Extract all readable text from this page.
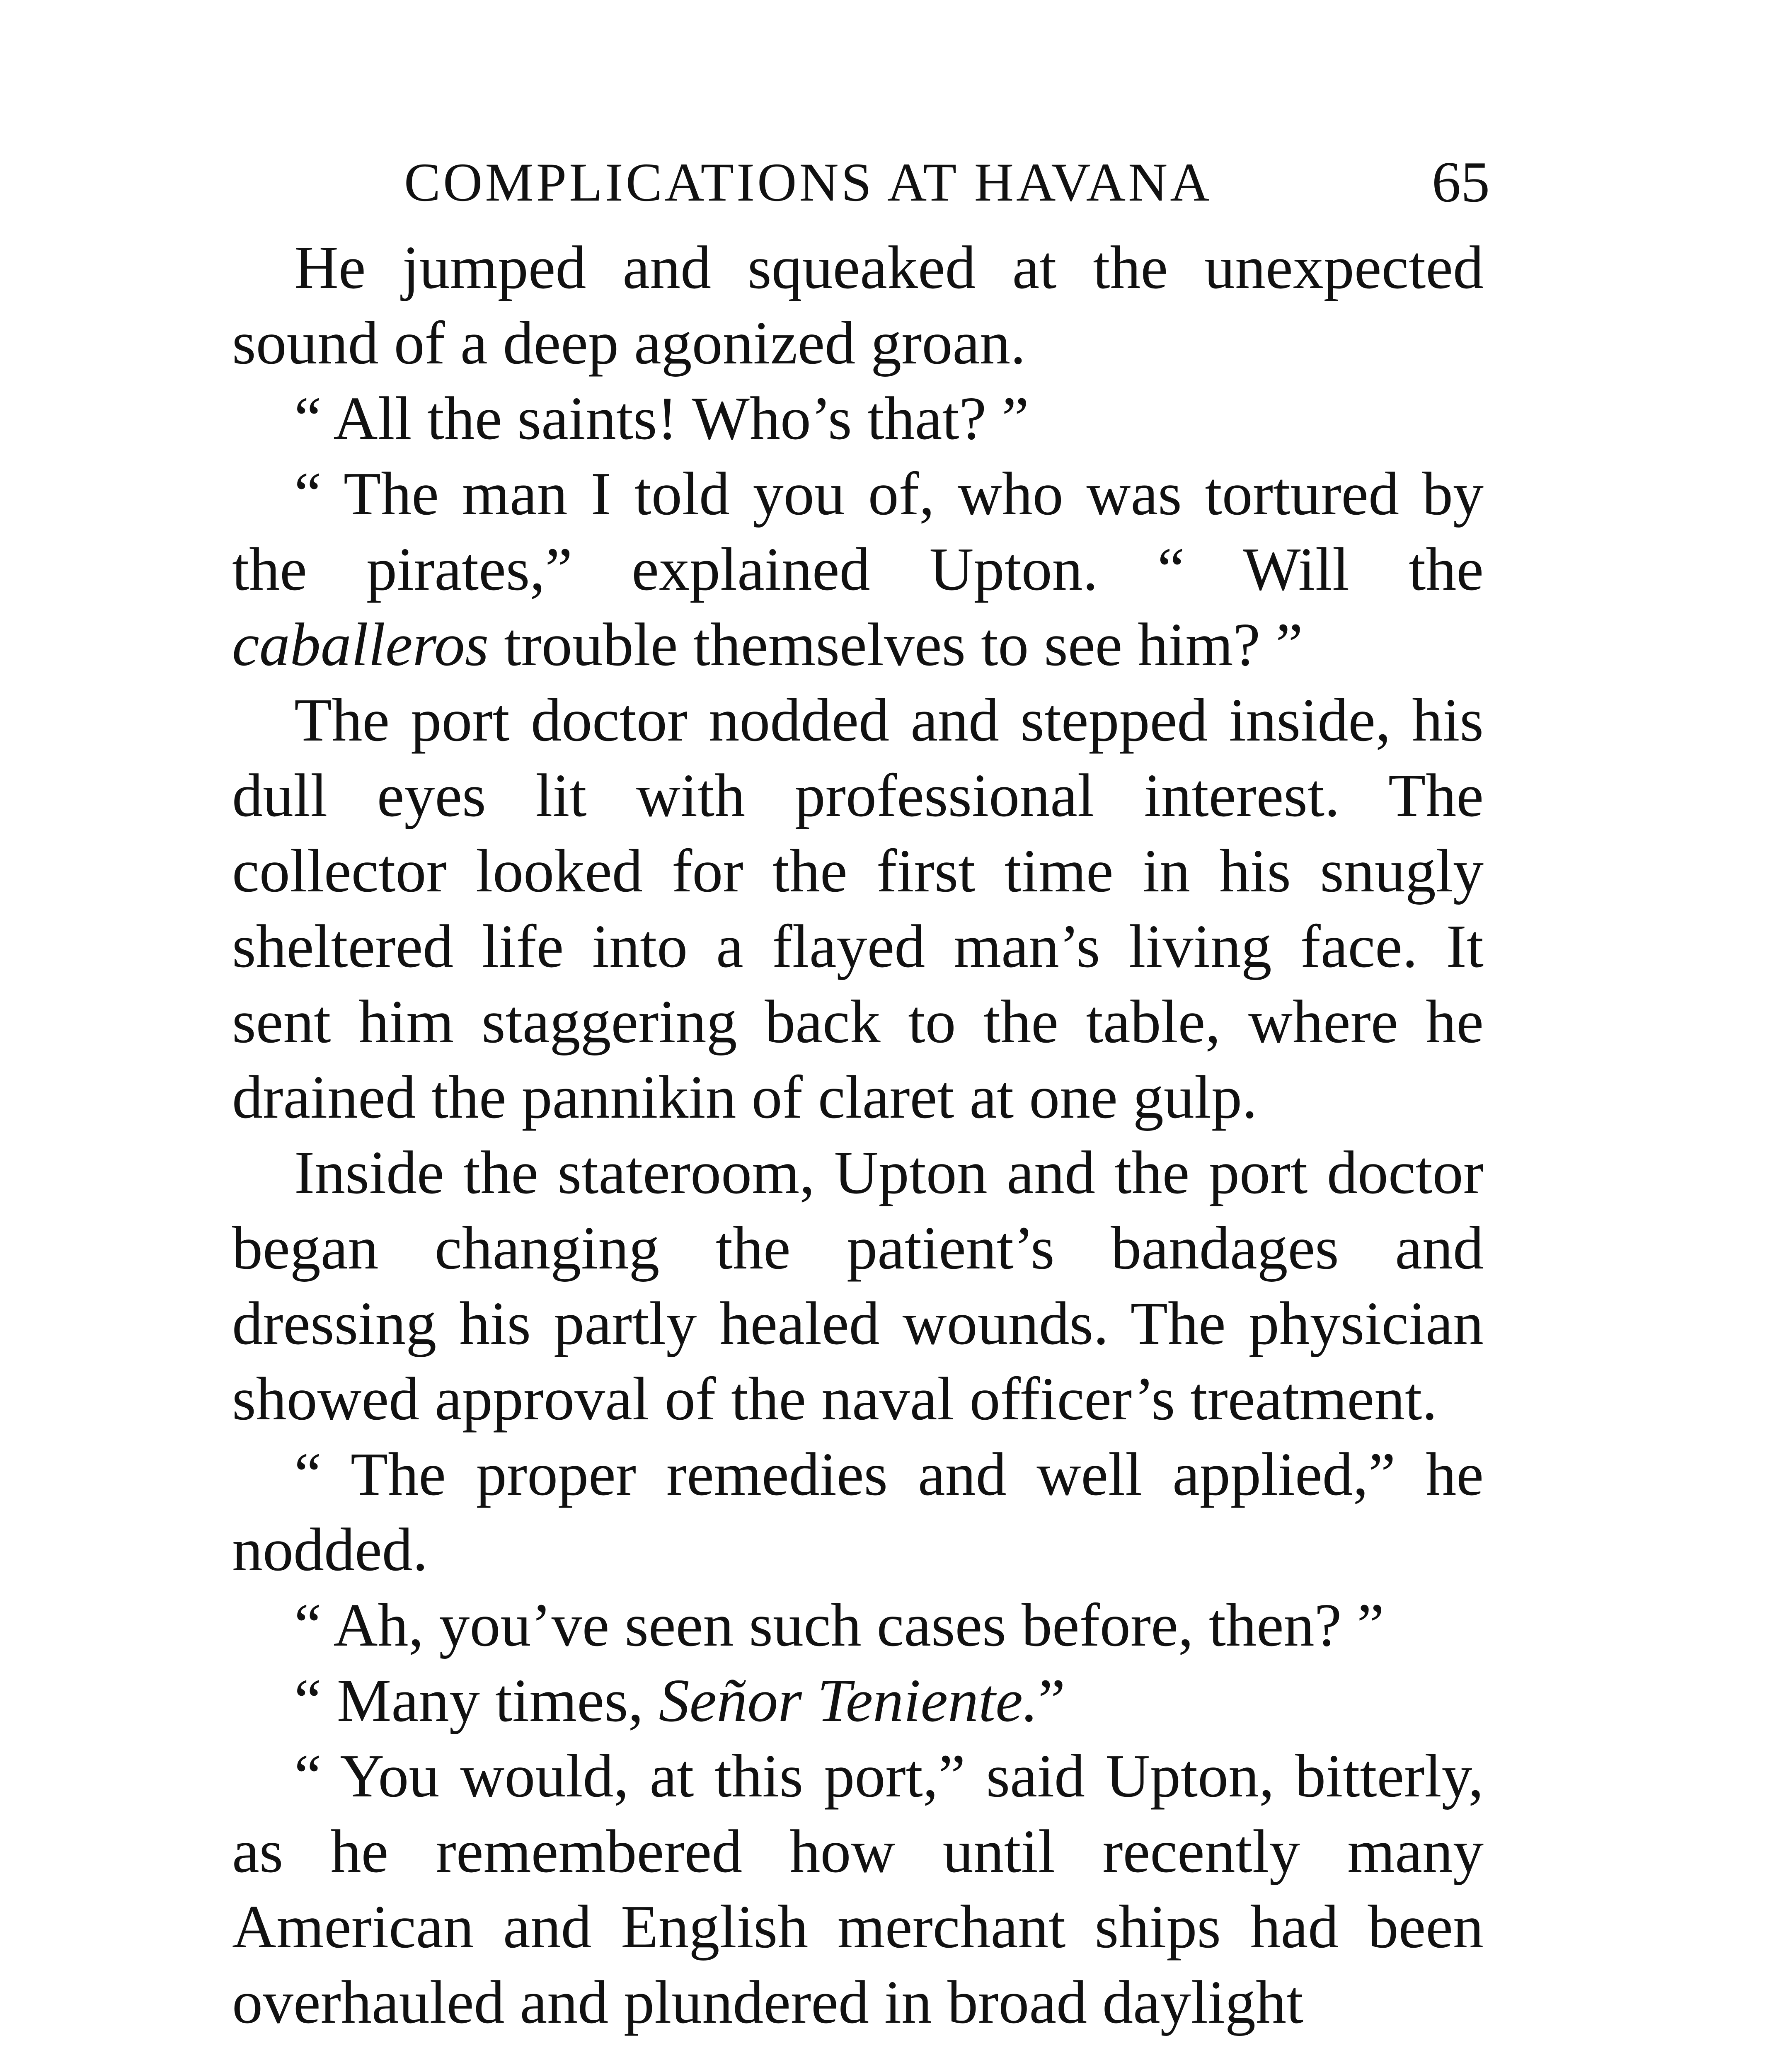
COMPLICATIONS AT HAVANA	65

He jumped and squeaked at the unexpected sound of a deep agonized groan.

“ All the saints! Who’s that? ”

“ The man I told you of, who was tortured by the pirates,” explained Upton. “ Will the caballeros trouble themselves to see him? ”

The port doctor nodded and stepped inside, his dull eyes lit with professional interest. The collector looked for the first time in his snugly sheltered life into a flayed man’s living face. It sent him staggering back to the table, where he drained the pannikin of claret at one gulp.

Inside the stateroom, Upton and the port doctor began changing the patient’s bandages and dressing his partly healed wounds. The physician showed approval of the naval officer’s treatment.

“ The proper remedies and well applied,” he nodded.

“ Ah, you’ve seen such cases before, then? ”

“ Many times, Señor Teniente.”

“ You would, at this port,” said Upton, bitterly, as he remembered how until recently many American and English merchant ships had been overhauled and plundered in broad daylight
